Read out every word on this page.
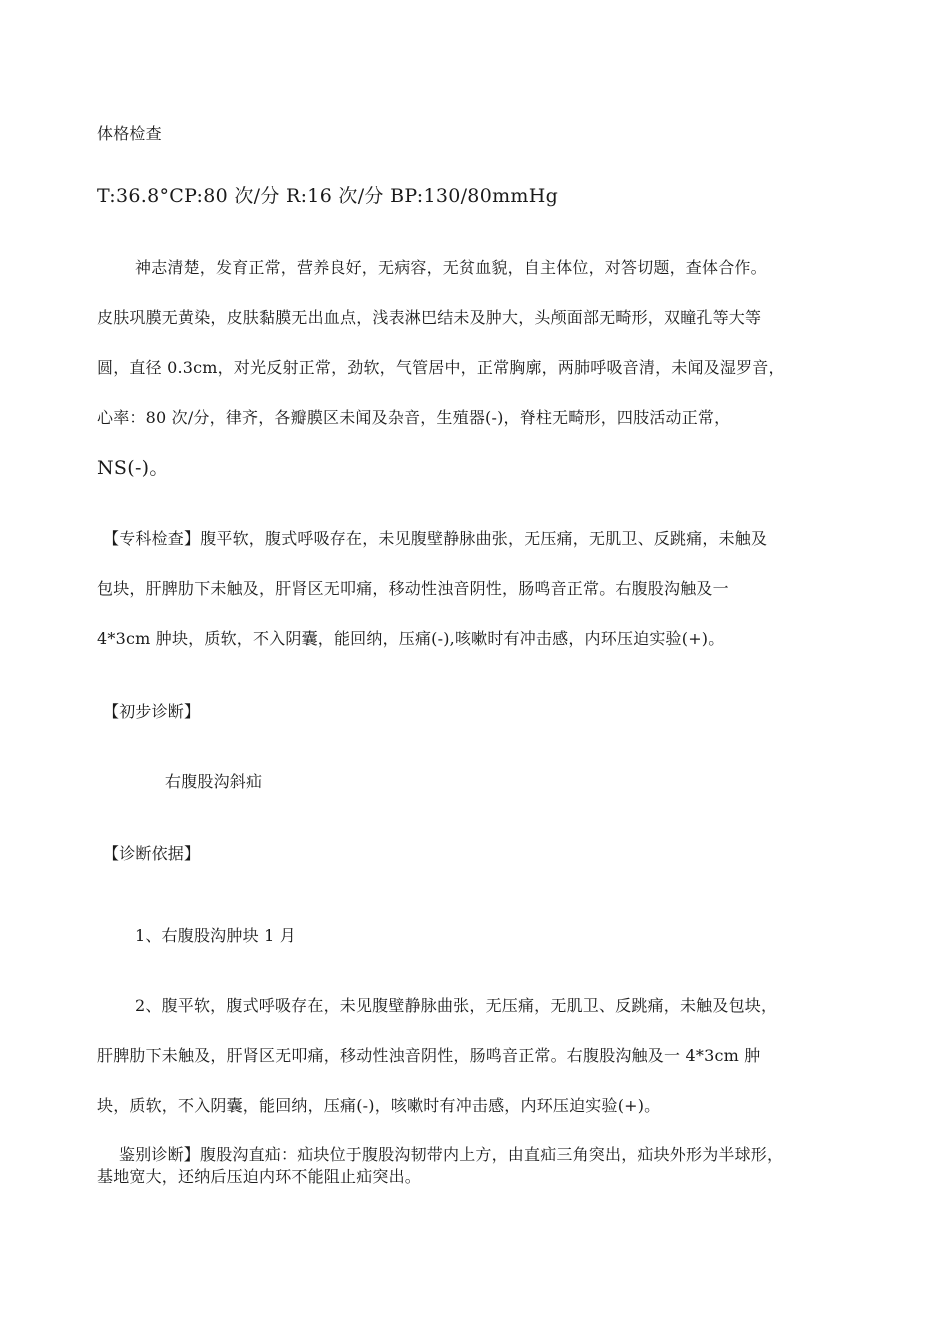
体格检查
T:36.8°CP:80 次/分 R:16 次/分 BP:130/80mmHg
神志清楚，发育正常，营养良好，无病容，无贫血貌，自主体位，对答切题，查体合作。
皮肤巩膜无黄染，皮肤黏膜无出血点，浅表淋巴结未及肿大，头颅面部无畸形，双瞳孔等大等
圆，直径 0.3cm，对光反射正常，劲软，气管居中，正常胸廓，两肺呼吸音清，未闻及湿罗音，
心率：80 次/分，律齐，各瓣膜区未闻及杂音，生殖器(-)，脊柱无畸形，四肢活动正常，
NS(-)。
【专科检查】腹平软，腹式呼吸存在，未见腹壁静脉曲张，无压痛，无肌卫、反跳痛，未触及
包块，肝脾肋下未触及，肝肾区无叩痛，移动性浊音阴性，肠鸣音正常。右腹股沟触及一
4*3cm 肿块，质软，不入阴囊，能回纳，压痛(-),咳嗽时有冲击感，内环压迫实验(+)。
【初步诊断】
右腹股沟斜疝
【诊断依据】
1、右腹股沟肿块 1 月
2、腹平软，腹式呼吸存在，未见腹壁静脉曲张，无压痛，无肌卫、反跳痛，未触及包块，
肝脾肋下未触及，肝肾区无叩痛，移动性浊音阴性，肠鸣音正常。右腹股沟触及一 4*3cm 肿
块，质软，不入阴囊，能回纳，压痛(-)，咳嗽时有冲击感，内环压迫实验(+)。
鉴别诊断】腹股沟直疝：疝块位于腹股沟韧带内上方，由直疝三角突出，疝块外形为半球形，
基地宽大，还纳后压迫内环不能阻止疝突出。
